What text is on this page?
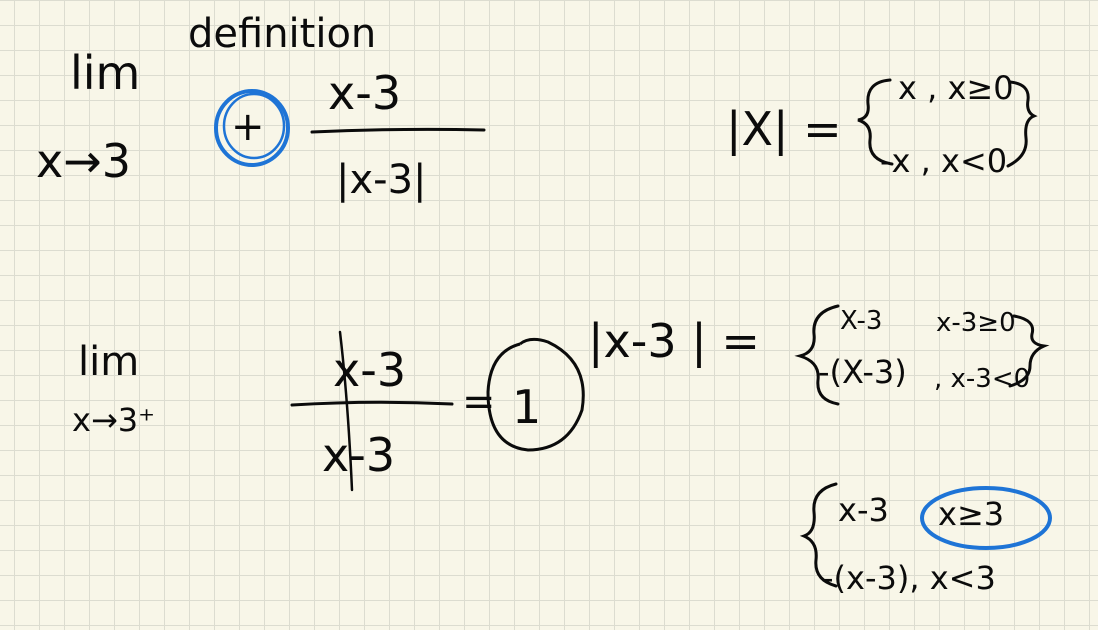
definition
lim
x→3
+
x-3
|x-3|
|X| =
x , x≥0
-x , x<0
lim
x→3⁺
x-3
x-3
= 1
|x-3 | =	X-3 x-3≥0
-(X-3) , x-3<0
x-3 x≥3
-(x-3), x<3
